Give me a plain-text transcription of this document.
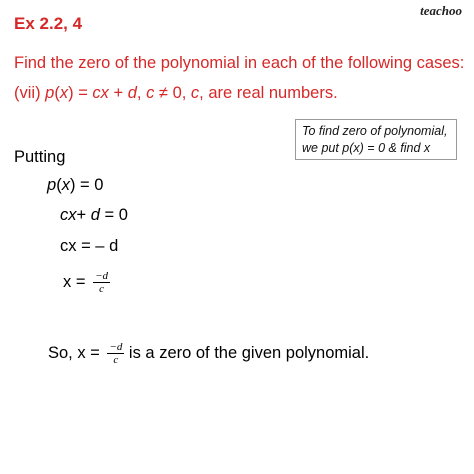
teachoo
Ex 2.2, 4
Find the zero of the polynomial in each of the following cases:
(vii) p(x) = cx + d, c ≠ 0, c, are real numbers.
To find zero of polynomial, we put p(x) = 0 & find x
Putting
p(x) = 0
cx+ d = 0
cx = – d
$x = \frac{-d}{c}$
So, $x = \frac{-d}{c}$ is a zero of the given polynomial.
